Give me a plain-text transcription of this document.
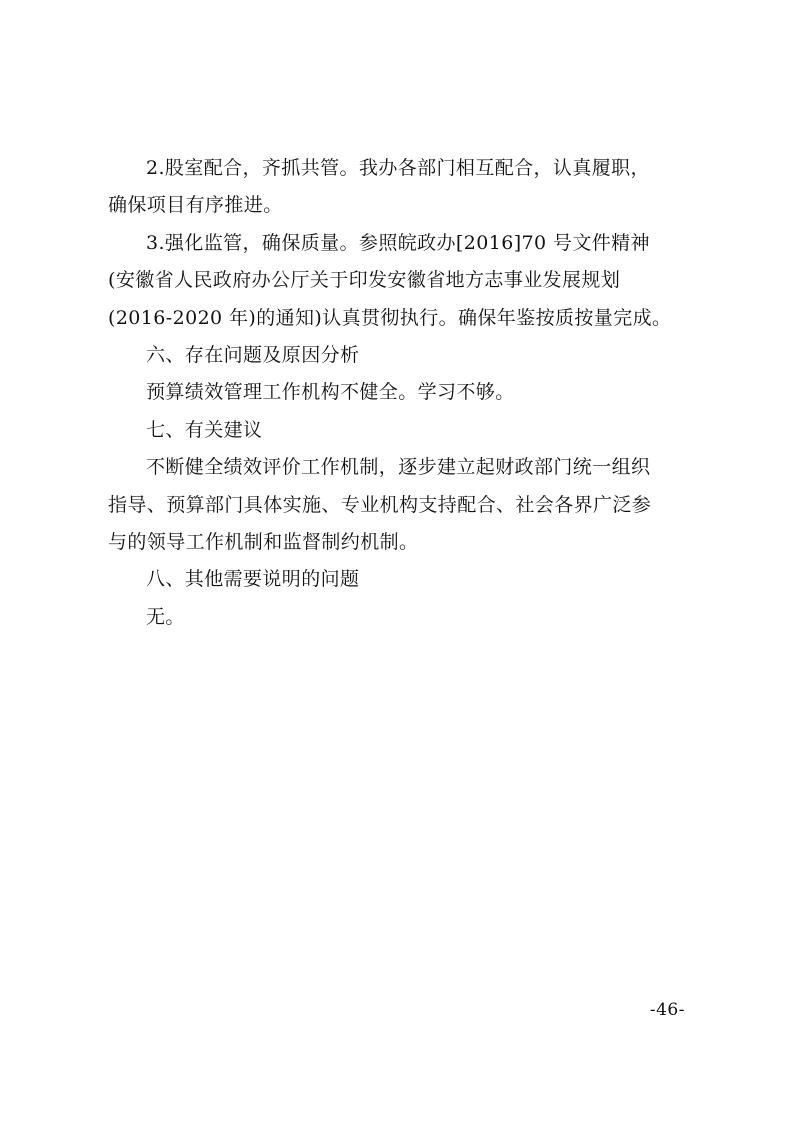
2.股室配合，齐抓共管。我办各部门相互配合，认真履职，

确保项目有序推进。

3.强化监管，确保质量。参照皖政办[2016]70 号文件精神

(安徽省人民政府办公厅关于印发安徽省地方志事业发展规划

(2016-2020 年)的通知)认真贯彻执行。确保年鉴按质按量完成。

六、存在问题及原因分析

预算绩效管理工作机构不健全。学习不够。

七、有关建议

不断健全绩效评价工作机制，逐步建立起财政部门统一组织

指导、预算部门具体实施、专业机构支持配合、社会各界广泛参

与的领导工作机制和监督制约机制。

八、其他需要说明的问题

无。

-46-
